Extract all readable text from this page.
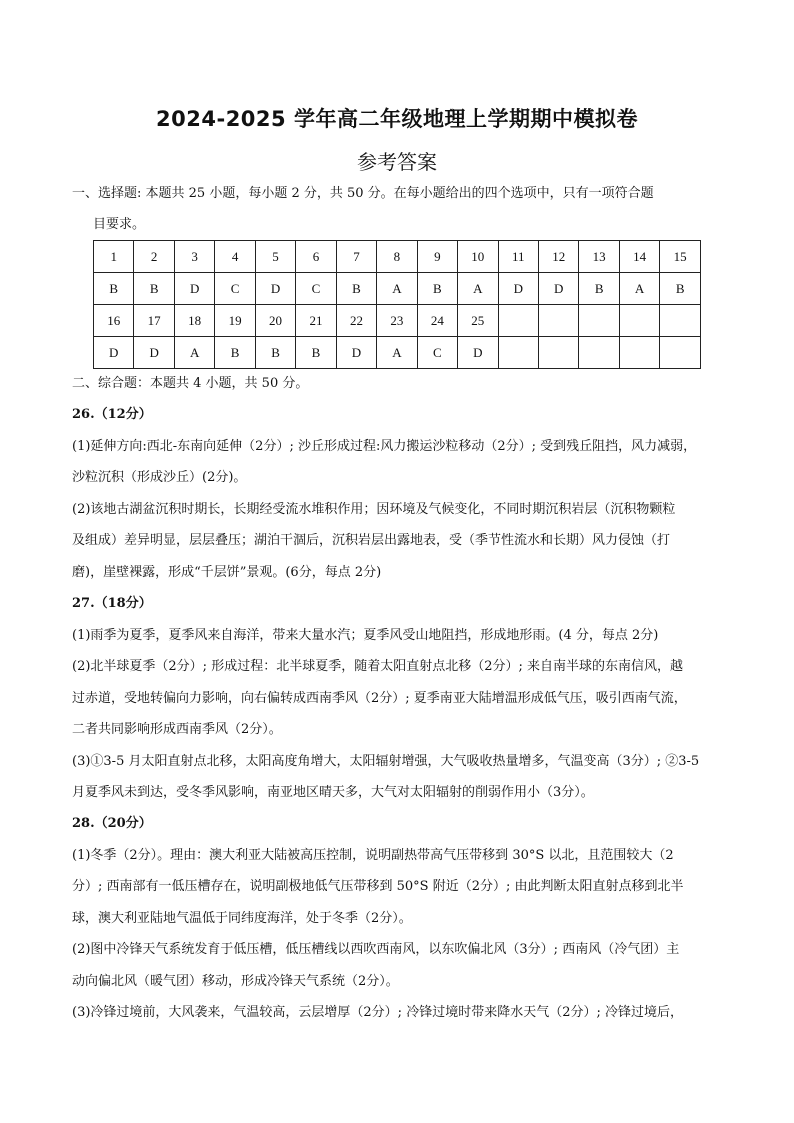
2024-2025 学年高二年级地理上学期期中模拟卷
参考答案
一、选择题: 本题共 25 小题，每小题 2 分，共 50 分。在每小题给出的四个选项中，只有一项符合题
目要求。
1	2	3	4	5	6	7	8	9	10	11	12	13	14	15
B	B	D	C	D	C	B	A	B	A	D	D	B	A	B
16	17	18	19	20	21	22	23	24	25					
D	D	A	B	B	B	D	A	C	D					
二、综合题：本题共 4 小题，共 50 分。
26.（12分）
(1)延伸方向:西北-东南向延伸（2分）; 沙丘形成过程:风力搬运沙粒移动（2分）; 受到残丘阻挡，风力减弱，
沙粒沉积（形成沙丘）(2分)。
(2)该地古湖盆沉积时期长，长期经受流水堆积作用；因环境及气候变化，不同时期沉积岩层（沉积物颗粒
及组成）差异明显，层层叠压；湖泊干涸后，沉积岩层出露地表，受（季节性流水和长期）风力侵蚀（打
磨)，崖壁裸露，形成“千层饼”景观。(6分，每点 2分)
27.（18分）
(1)雨季为夏季，夏季风来自海洋，带来大量水汽；夏季风受山地阻挡，形成地形雨。(4 分，每点 2分)
(2)北半球夏季（2分）; 形成过程：北半球夏季，随着太阳直射点北移（2分）; 来自南半球的东南信风，越
过赤道，受地转偏向力影响，向右偏转成西南季风（2分）; 夏季南亚大陆增温形成低气压，吸引西南气流，
二者共同影响形成西南季风（2分）。
(3)①3-5 月太阳直射点北移，太阳高度角增大，太阳辐射增强，大气吸收热量增多，气温变高（3分）; ②3-5
月夏季风未到达，受冬季风影响，南亚地区晴天多，大气对太阳辐射的削弱作用小（3分）。
28.（20分）
(1)冬季（2分）。理由：澳大利亚大陆被高压控制，说明副热带高气压带移到 30°S 以北，且范围较大（2
分）; 西南部有一低压槽存在，说明副极地低气压带移到 50°S 附近（2分）; 由此判断太阳直射点移到北半
球，澳大利亚陆地气温低于同纬度海洋，处于冬季（2分）。
(2)图中冷锋天气系统发育于低压槽，低压槽线以西吹西南风，以东吹偏北风（3分）; 西南风（冷气团）主
动向偏北风（暖气团）移动，形成冷锋天气系统（2分）。
(3)冷锋过境前，大风袭来，气温较高，云层增厚（2分）; 冷锋过境时带来降水天气（2分）; 冷锋过境后，
